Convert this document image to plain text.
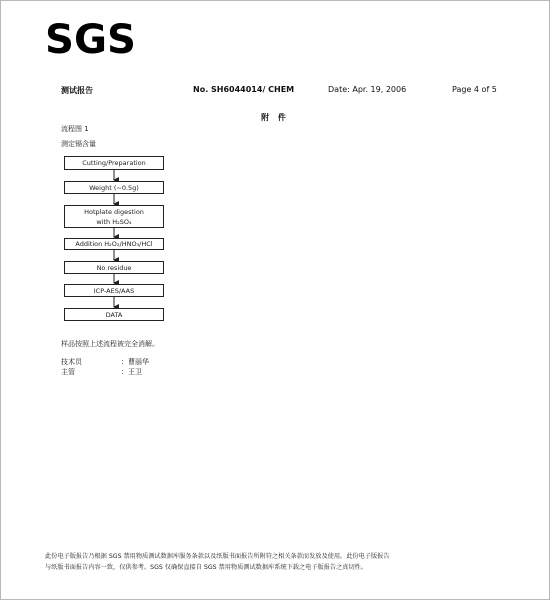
SGS
测试报告	No. SH6044014/ CHEM	Date: Apr. 19, 2006	Page 4 of 5
附 件
流程图 1
测定镉含量
Cutting/Preparation
Weight (~0.5g)
Hotplate digestion
with H₂SO₄
Addition H₂O₂/HNO₃/HCl
No residue
ICP-AES/AAS
DATA
样品按照上述流程被完全消解。
技术员	：曹丽华
主管	：王卫
此份电子版报告乃根据 SGS 禁用物质测试数据库服务条款以及纸版书面报告所附符之相关条款而发放及使用。此份电子版报告
与纸版书面报告内容一致，仅供参考。SGS 仅确保直接自 SGS 禁用物质测试数据库系统下载之电子版报告之真切性。
